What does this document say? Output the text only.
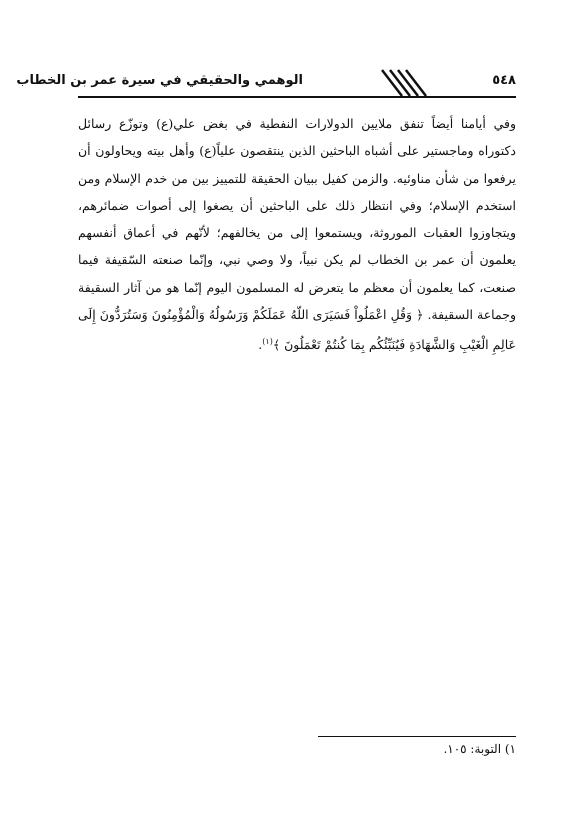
الوهمي والحقيقي في سيرة عمر بن الخطاب	٥٤٨

وفي أيامنا أيضاً تنفق ملايين الدولارات النفطية في بغض علي(ع) وتوزّع رسائل دكتوراه وماجستير على أشباه الباحثين الذين ينتقصون علياً(ع) وأهل بيته ويحاولون أن يرفعوا من شأن مناوئيه. والزمن كفيل ببيان الحقيقة للتمييز بين من خدم الإسلام ومن استخدم الإسلام؛ وفي انتظار ذلك على الباحثين أن يصغوا إلى أصوات ضمائرهم، ويتجاوزوا العقبات الموروثة، ويستمعوا إلى من يخالفهم؛ لأنّهم في أعماق أنفسهم يعلمون أن عمر بن الخطاب لم يكن نبياً، ولا وصي نبي، وإنّما صنعته السّقيفة فيما صنعت، كما يعلمون أن معظم ما يتعرض له المسلمون اليوم إنّما هو من آثار السقيفة وجماعة السقيفة. ﴿ وَقُلِ اعْمَلُواْ فَسَيَرَى اللّهُ عَمَلَكُمْ وَرَسُولُهُ وَالْمُؤْمِنُونَ وَسَتُرَدُّونَ إِلَى عَالِمِ الْغَيْبِ وَالشَّهَادَةِ فَيُنَبِّئُكُم بِمَا كُنتُمْ تَعْمَلُونَ ﴾$^{(١)}$.

١) التوبة: ١٠٥.
